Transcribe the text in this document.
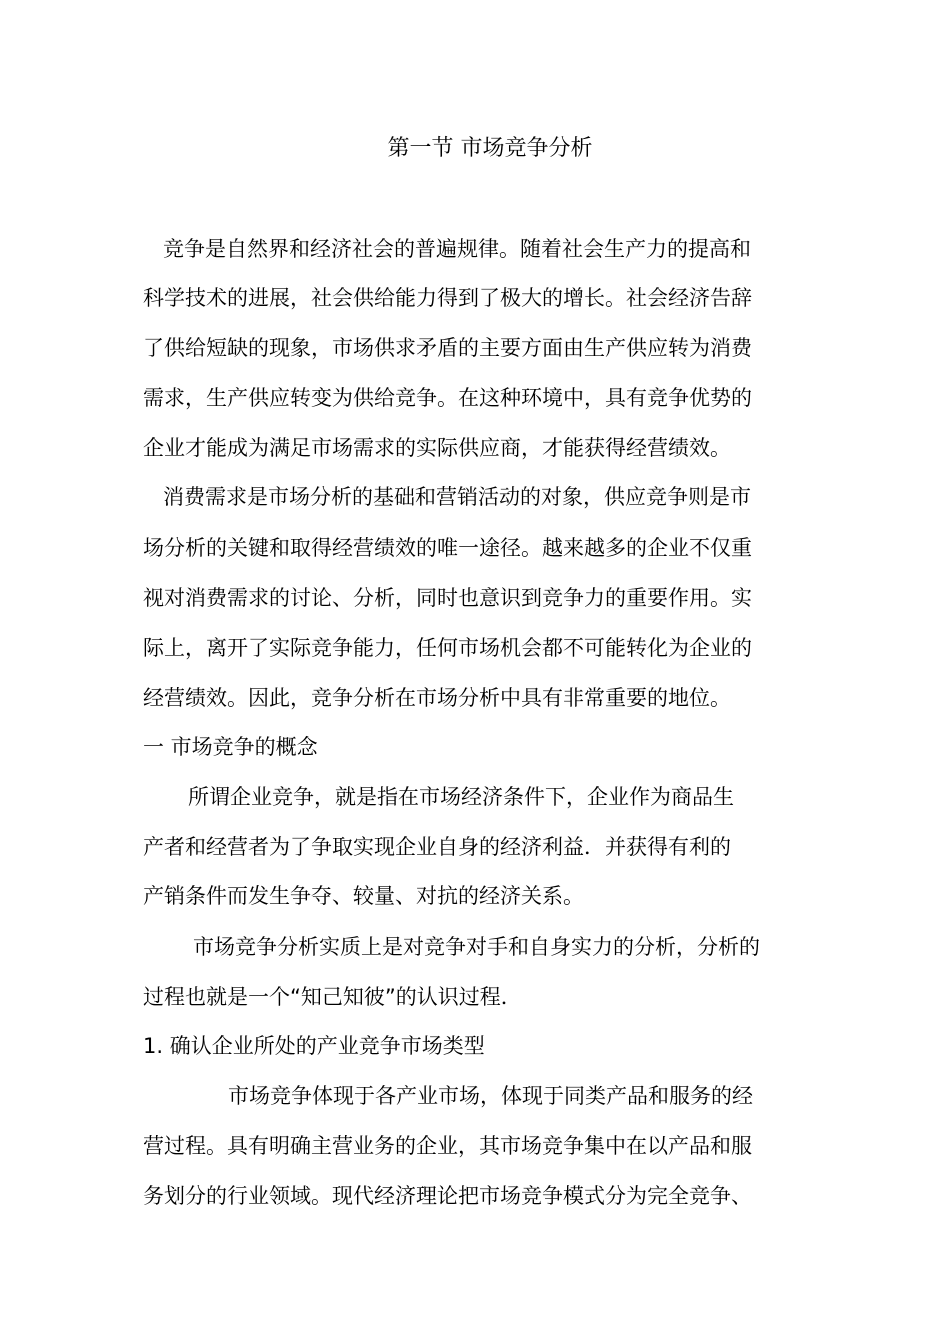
第一节 市场竞争分析
竞争是自然界和经济社会的普遍规律。随着社会生产力的提高和
科学技术的进展，社会供给能力得到了极大的增长。社会经济告辞
了供给短缺的现象，市场供求矛盾的主要方面由生产供应转为消费
需求，生产供应转变为供给竞争。在这种环境中，具有竞争优势的
企业才能成为满足市场需求的实际供应商，才能获得经营绩效。
消费需求是市场分析的基础和营销活动的对象，供应竞争则是市
场分析的关键和取得经营绩效的唯一途径。越来越多的企业不仅重
视对消费需求的讨论、分析，同时也意识到竞争力的重要作用。实
际上，离开了实际竞争能力，任何市场机会都不可能转化为企业的
经营绩效。因此，竞争分析在市场分析中具有非常重要的地位。
一 市场竞争的概念
所谓企业竞争，就是指在市场经济条件下，企业作为商品生
产者和经营者为了争取实现企业自身的经济利益．并获得有利的
产销条件而发生争夺、较量、对抗的经济关系。
市场竞争分析实质上是对竞争对手和自身实力的分析，分析的
过程也就是一个“知己知彼”的认识过程．
1. 确认企业所处的产业竞争市场类型
市场竞争体现于各产业市场，体现于同类产品和服务的经
营过程。具有明确主营业务的企业，其市场竞争集中在以产品和服
务划分的行业领域。现代经济理论把市场竞争模式分为完全竞争、
